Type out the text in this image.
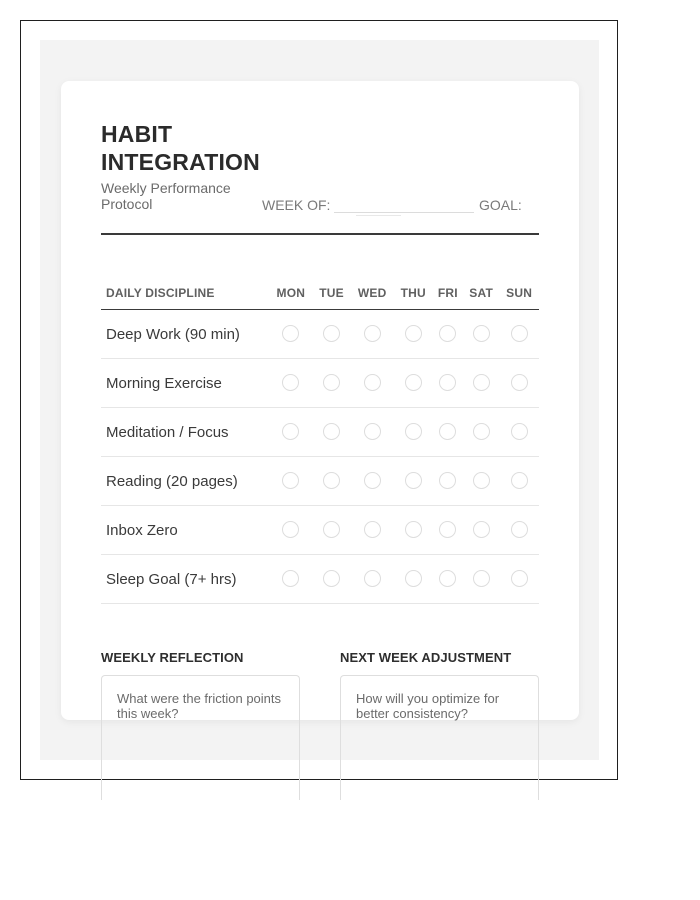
HABIT INTEGRATION
Weekly Performance Protocol	WEEK OF:	GOAL:
DAILY DISCIPLINE	MON	TUE	WED	THU	FRI	SAT	SUN
Deep Work (90 min)							
Morning Exercise							
Meditation / Focus							
Reading (20 pages)							
Inbox Zero							
Sleep Goal (7+ hrs)							
WEEKLY REFLECTION	NEXT WEEK ADJUSTMENT
What were the friction points this week?
How will you optimize for better consistency?
